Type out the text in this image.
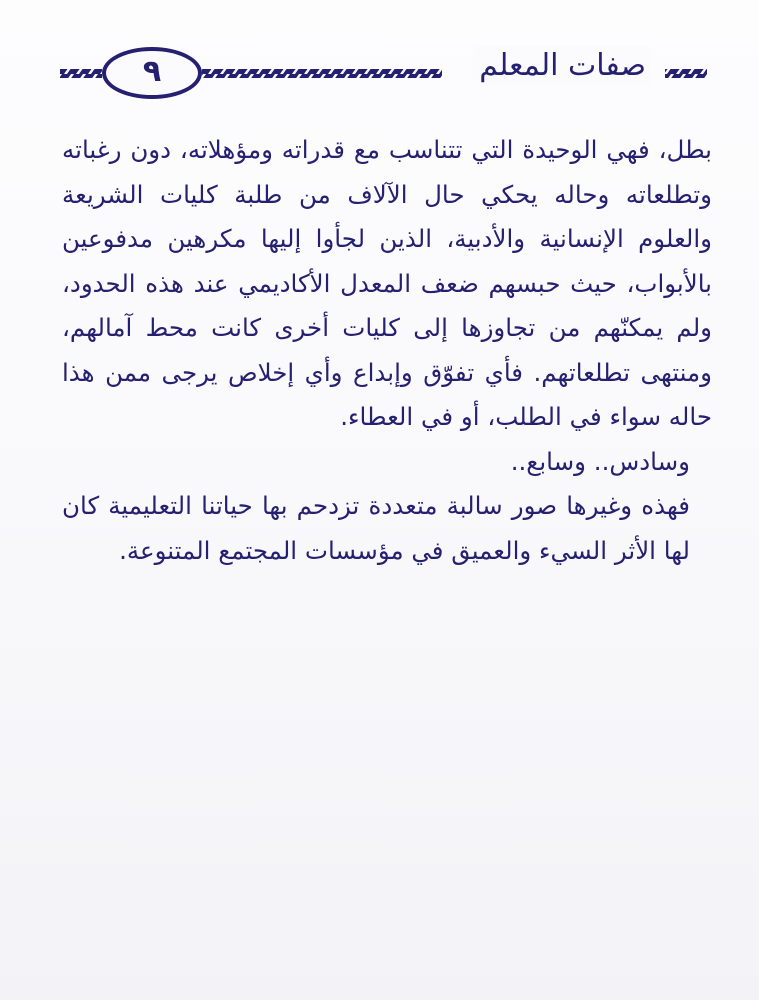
٩	صفات المعلم

بطل، فهي الوحيدة التي تتناسب مع قدراته ومؤهلاته، دون رغباته وتطلعاته وحاله يحكي حال الآلاف من طلبة كليات الشريعة والعلوم الإنسانية والأدبية، الذين لجأوا إليها مكرهين مدفوعين بالأبواب، حيث حبسهم ضعف المعدل الأكاديمي عند هذه الحدود، ولم يمكنّهم من تجاوزها إلى كليات أخرى كانت محط آمالهم، ومنتهى تطلعاتهم. فأي تفوّق وإبداع وأي إخلاص يرجى ممن هذا حاله سواء في الطلب، أو في العطاء.

وسادس.. وسابع..

فهذه وغيرها صور سالبة متعددة تزدحم بها حياتنا التعليمية كان لها الأثر السيء والعميق في مؤسسات المجتمع المتنوعة.
